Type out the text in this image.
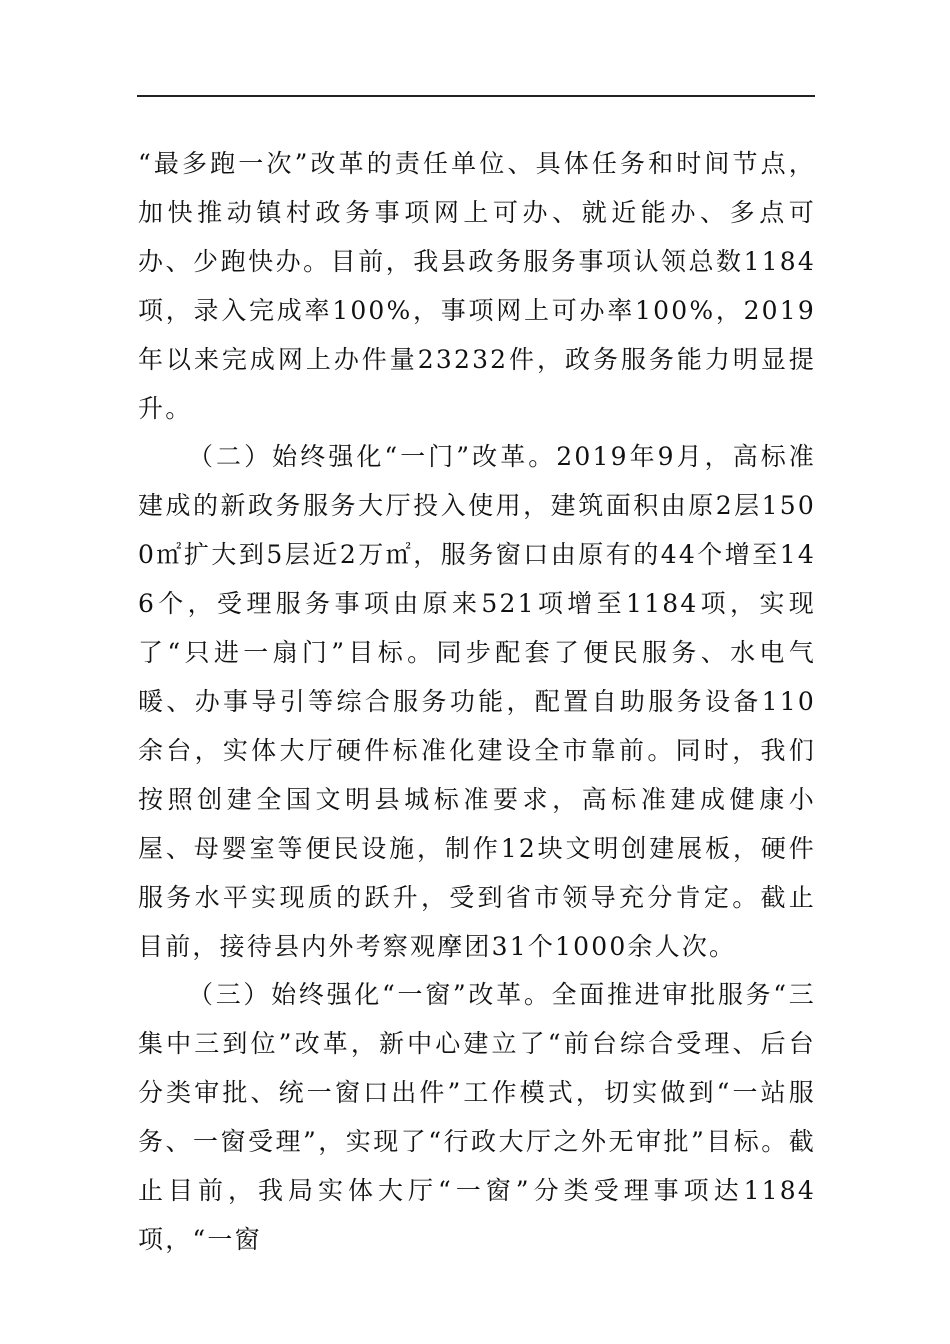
“最多跑一次”改革的责任单位、具体任务和时间节点，加快推动镇村政务事项网上可办、就近能办、多点可办、少跑快办。目前，我县政务服务事项认领总数1184项，录入完成率100%，事项网上可办率100%，2019年以来完成网上办件量23232件，政务服务能力明显提升。

（二）始终强化“一门”改革。2019年9月，高标准建成的新政务服务大厅投入使用，建筑面积由原2层1500㎡扩大到5层近2万㎡，服务窗口由原有的44个增至146个，受理服务事项由原来521项增至1184项，实现了“只进一扇门”目标。同步配套了便民服务、水电气暖、办事导引等综合服务功能，配置自助服务设备110余台，实体大厅硬件标准化建设全市靠前。同时，我们按照创建全国文明县城标准要求，高标准建成健康小屋、母婴室等便民设施，制作12块文明创建展板，硬件服务水平实现质的跃升，受到省市领导充分肯定。截止目前，接待县内外考察观摩团31个1000余人次。

（三）始终强化“一窗”改革。全面推进审批服务“三集中三到位”改革，新中心建立了“前台综合受理、后台分类审批、统一窗口出件”工作模式，切实做到“一站服务、一窗受理”，实现了“行政大厅之外无审批”目标。截止目前，我局实体大厅“一窗”分类受理事项达1184项，“一窗
